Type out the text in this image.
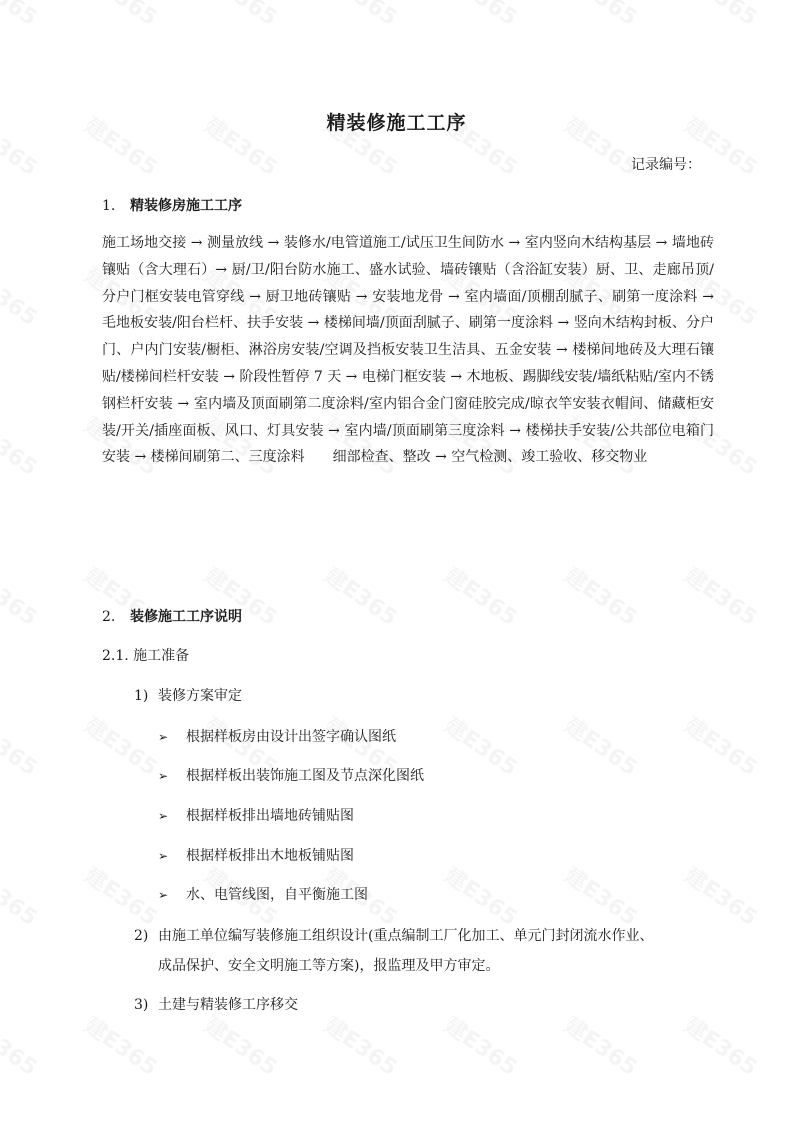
精装修施工工序
记录编号：
1. 精装修房施工工序
施工场地交接 → 测量放线 → 装修水/电管道施工/试压卫生间防水 → 室内竖向木结构基层 → 墙地砖镶贴（含大理石）→ 厨/卫/阳台防水施工、盛水试验、墙砖镶贴（含浴缸安装）厨、卫、走廊吊顶/分户门框安装电管穿线 → 厨卫地砖镶贴 → 安装地龙骨 → 室内墙面/顶棚刮腻子、刷第一度涂料 → 毛地板安装/阳台栏杆、扶手安装 → 楼梯间墙/顶面刮腻子、刷第一度涂料 → 竖向木结构封板、分户门、户内门安装/橱柜、淋浴房安装/空调及挡板安装卫生洁具、五金安装 → 楼梯间地砖及大理石镶贴/楼梯间栏杆安装 → 阶段性暂停 7 天 → 电梯门框安装 → 木地板、踢脚线安装/墙纸粘贴/室内不锈钢栏杆安装 → 室内墙及顶面刷第二度涂料/室内铝合金门窗硅胶完成/晾衣竿安装衣帽间、储藏柜安装/开关/插座面板、风口、灯具安装 → 室内墙/顶面刷第三度涂料 → 楼梯扶手安装/公共部位电箱门安装 → 楼梯间刷第二、三度涂料　　细部检查、整改 → 空气检测、竣工验收、移交物业
2. 装修施工工序说明
2.1. 施工准备
1) 装修方案审定
➢ 根据样板房由设计出签字确认图纸
➢ 根据样板出装饰施工图及节点深化图纸
➢ 根据样板排出墙地砖铺贴图
➢ 根据样板排出木地板铺贴图
➢ 水、电管线图，自平衡施工图
2) 由施工单位编写装修施工组织设计(重点编制工厂化加工、单元门封闭流水作业、
成品保护、安全文明施工等方案)，报监理及甲方审定。
3) 土建与精装修工序移交
